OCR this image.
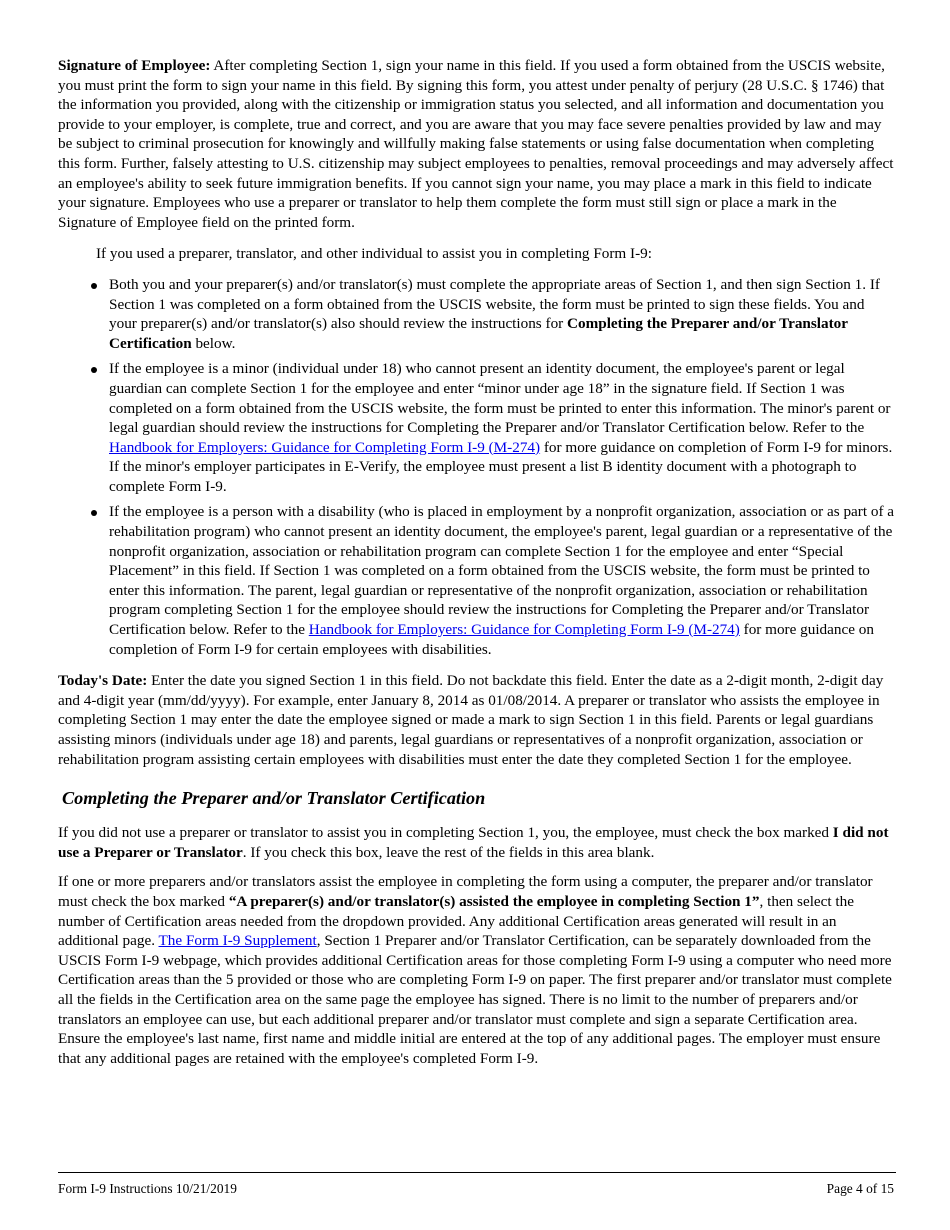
Signature of Employee: After completing Section 1, sign your name in this field. If you used a form obtained from the USCIS website, you must print the form to sign your name in this field. By signing this form, you attest under penalty of perjury (28 U.S.C. § 1746) that the information you provided, along with the citizenship or immigration status you selected, and all information and documentation you provide to your employer, is complete, true and correct, and you are aware that you may face severe penalties provided by law and may be subject to criminal prosecution for knowingly and willfully making false statements or using false documentation when completing this form. Further, falsely attesting to U.S. citizenship may subject employees to penalties, removal proceedings and may adversely affect an employee's ability to seek future immigration benefits. If you cannot sign your name, you may place a mark in this field to indicate your signature. Employees who use a preparer or translator to help them complete the form must still sign or place a mark in the Signature of Employee field on the printed form.

If you used a preparer, translator, and other individual to assist you in completing Form I-9:

Both you and your preparer(s) and/or translator(s) must complete the appropriate areas of Section 1, and then sign Section 1. If Section 1 was completed on a form obtained from the USCIS website, the form must be printed to sign these fields. You and your preparer(s) and/or translator(s) also should review the instructions for Completing the Preparer and/or Translator Certification below.
If the employee is a minor (individual under 18) who cannot present an identity document, the employee's parent or legal guardian can complete Section 1 for the employee and enter “minor under age 18” in the signature field. If Section 1 was completed on a form obtained from the USCIS website, the form must be printed to enter this information. The minor's parent or legal guardian should review the instructions for Completing the Preparer and/or Translator Certification below. Refer to the Handbook for Employers: Guidance for Completing Form I-9 (M-274) for more guidance on completion of Form I-9 for minors. If the minor's employer participates in E-Verify, the employee must present a list B identity document with a photograph to complete Form I-9.
If the employee is a person with a disability (who is placed in employment by a nonprofit organization, association or as part of a rehabilitation program) who cannot present an identity document, the employee's parent, legal guardian or a representative of the nonprofit organization, association or rehabilitation program can complete Section 1 for the employee and enter “Special Placement” in this field. If Section 1 was completed on a form obtained from the USCIS website, the form must be printed to enter this information. The parent, legal guardian or representative of the nonprofit organization, association or rehabilitation program completing Section 1 for the employee should review the instructions for Completing the Preparer and/or Translator Certification below. Refer to the Handbook for Employers: Guidance for Completing Form I-9 (M-274) for more guidance on completion of Form I-9 for certain employees with disabilities.

Today's Date: Enter the date you signed Section 1 in this field. Do not backdate this field. Enter the date as a 2-digit month, 2-digit day and 4-digit year (mm/dd/yyyy). For example, enter January 8, 2014 as 01/08/2014. A preparer or translator who assists the employee in completing Section 1 may enter the date the employee signed or made a mark to sign Section 1 in this field. Parents or legal guardians assisting minors (individuals under age 18) and parents, legal guardians or representatives of a nonprofit organization, association or rehabilitation program assisting certain employees with disabilities must enter the date they completed Section 1 for the employee.

Completing the Preparer and/or Translator Certification

If you did not use a preparer or translator to assist you in completing Section 1, you, the employee, must check the box marked I did not use a Preparer or Translator. If you check this box, leave the rest of the fields in this area blank.

If one or more preparers and/or translators assist the employee in completing the form using a computer, the preparer and/or translator must check the box marked “A preparer(s) and/or translator(s) assisted the employee in completing Section 1”, then select the number of Certification areas needed from the dropdown provided. Any additional Certification areas generated will result in an additional page. The Form I-9 Supplement, Section 1 Preparer and/or Translator Certification, can be separately downloaded from the USCIS Form I-9 webpage, which provides additional Certification areas for those completing Form I-9 using a computer who need more Certification areas than the 5 provided or those who are completing Form I-9 on paper. The first preparer and/or translator must complete all the fields in the Certification area on the same page the employee has signed. There is no limit to the number of preparers and/or translators an employee can use, but each additional preparer and/or translator must complete and sign a separate Certification area. Ensure the employee's last name, first name and middle initial are entered at the top of any additional pages. The employer must ensure that any additional pages are retained with the employee's completed Form I-9.

Form I-9 Instructions 10/21/2019	Page 4 of 15
